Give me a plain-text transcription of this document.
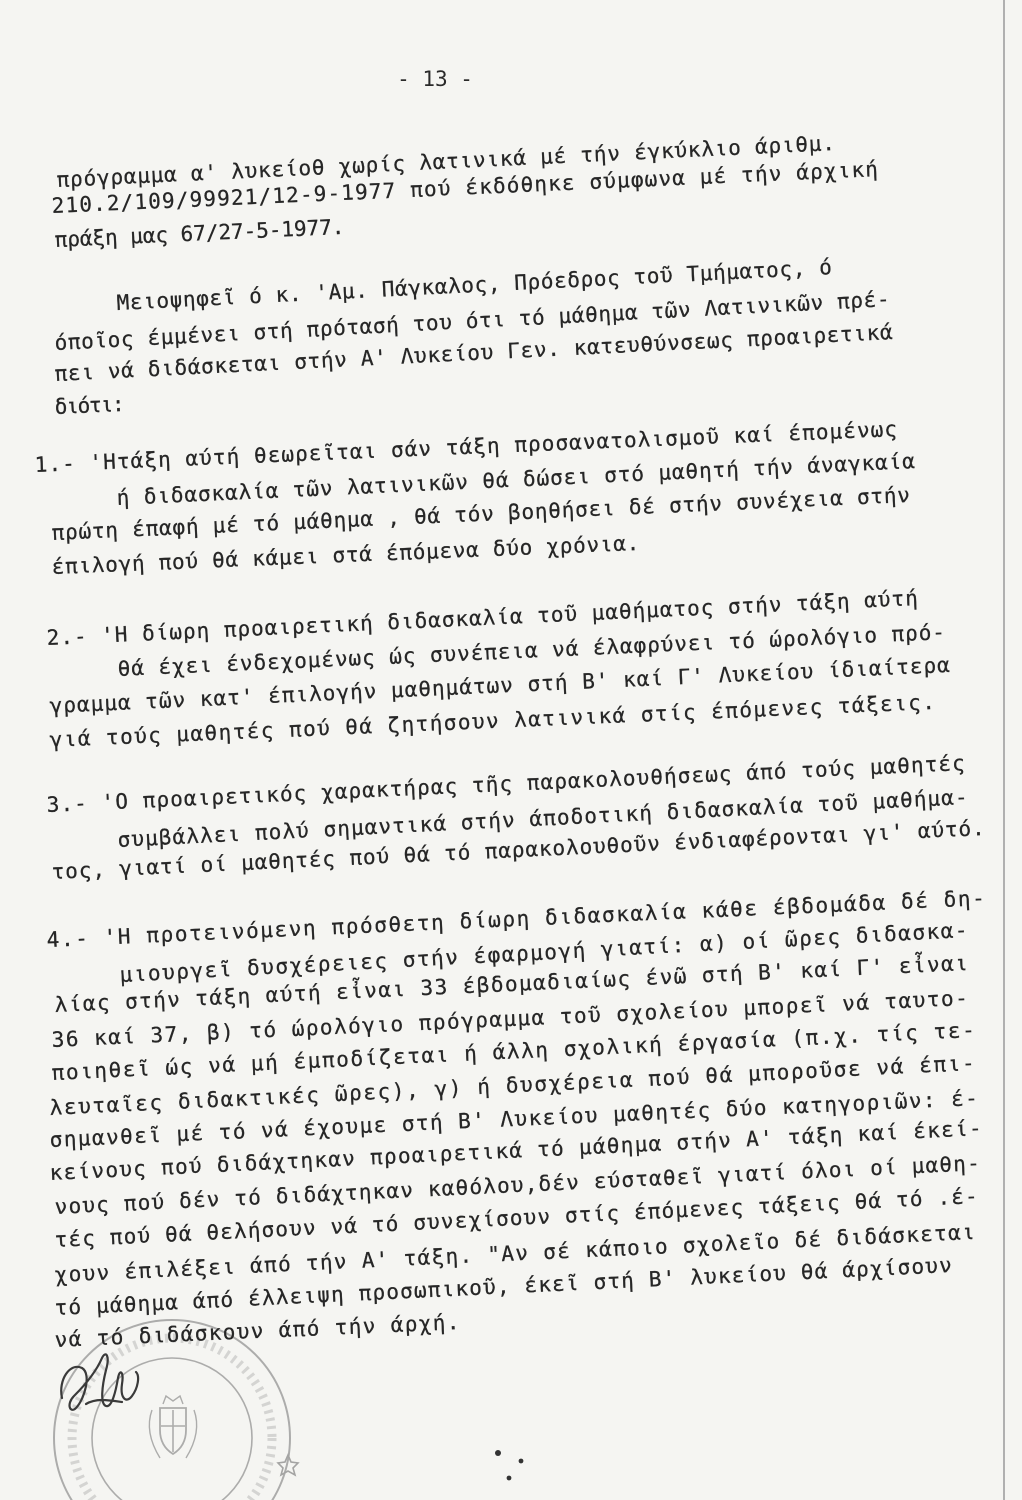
- 13 -
πρόγραμμα α' λυκείοθ χωρίς λατινικά μέ τήν έγκύκλιο άριθμ.
210.2/109/99921/12-9-1977 πού έκδόθηκε σύμφωνα μέ τήν άρχική
πράξη μας 67/27-5-1977.
Μειοψηφεῖ ό κ. 'Αμ. Πάγκαλος, Πρόεδρος τοῦ Τμήματος, ό
όποῖος έμμένει στή πρότασή του ότι τό μάθημα τῶν Λατινικῶν πρέ-
πει νά διδάσκεται στήν Α' Λυκείου Γεν. κατευθύνσεως προαιρετικά
διότι:
1.- 'Ητάξη αύτή θεωρεῖται σάν τάξη προσανατολισμοῦ καί έπομένως
ή διδασκαλία τῶν λατινικῶν θά δώσει στό μαθητή τήν άναγκαία
πρώτη έπαφή μέ τό μάθημα , θά τόν βοηθήσει δέ στήν συνέχεια στήν
έπιλογή πού θά κάμει στά έπόμενα δύο χρόνια.
2.- 'Η δίωρη προαιρετική διδασκαλία τοῦ μαθήματος στήν τάξη αύτή
θά έχει ένδεχομένως ώς συνέπεια νά έλαφρύνει τό ώρολόγιο πρό-
γραμμα τῶν κατ' έπιλογήν μαθημάτων στή Β' καί Γ' Λυκείου ίδιαίτερα
γιά τούς μαθητές πού θά ζητήσουν λατινικά στίς έπόμενες τάξεις.
3.- 'Ο προαιρετικός χαρακτήρας τῆς παρακολουθήσεως άπό τούς μαθητές
συμβάλλει πολύ σημαντικά στήν άποδοτική διδασκαλία τοῦ μαθήμα-
τος, γιατί οί μαθητές πού θά τό παρακολουθοῦν ένδιαφέρονται γι' αύτό.
4.- 'Η προτεινόμενη πρόσθετη δίωρη διδασκαλία κάθε έβδομάδα δέ δη-
μιουργεῖ δυσχέρειες στήν έφαρμογή γιατί: α) οί ῶρες διδασκα-
λίας στήν τάξη αύτή εἶναι 33 έβδομαδιαίως ένῶ στή Β' καί Γ' εἶναι
36 καί 37, β) τό ώρολόγιο πρόγραμμα τοῦ σχολείου μπορεῖ νά ταυτο-
ποιηθεῖ ώς νά μή έμποδίζεται ή άλλη σχολική έργασία (π.χ. τίς τε-
λευταῖες διδακτικές ῶρες), γ) ή δυσχέρεια πού θά μποροῦσε νά έπι-
σημανθεῖ μέ τό νά έχουμε στή Β' Λυκείου μαθητές δύο κατηγοριῶν: έ-
κείνους πού διδάχτηκαν προαιρετικά τό μάθημα στήν Α' τάξη καί έκεί-
νους πού δέν τό διδάχτηκαν καθόλου,δέν εύσταθεῖ γιατί όλοι οί μαθη-
τές πού θά θελήσουν νά τό συνεχίσουν στίς έπόμενες τάξεις θά τό .έ-
χουν έπιλέξει άπό τήν Α' τάξη. "Αν σέ κάποιο σχολεῖο δέ διδάσκεται
τό μάθημα άπό έλλειψη προσωπικοῦ, έκεῖ στή Β' λυκείου θά άρχίσουν
νά τό διδάσκουν άπό τήν άρχή.
